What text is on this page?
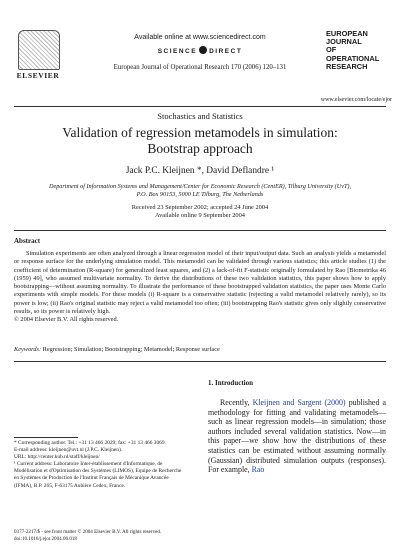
ELSEVIER
Available online at www.sciencedirect.com
SCIENCE DIRECT
European Journal of Operational Research 170 (2006) 120–131
EUROPEAN
JOURNAL
OF OPERATIONAL
RESEARCH
www.elsevier.com/locate/ejor
Stochastics and Statistics
Validation of regression metamodels in simulation:
Bootstrap approach
Jack P.C. Kleijnen *, David Deflandre ¹
Department of Information Systems and Management/Center for Economic Research (CentER), Tilburg University (UvT),
P.O. Box 90153, 5000 LE Tilburg, The Netherlands
Received 23 September 2002; accepted 24 June 2004
Available online 9 September 2004
Abstract
Simulation experiments are often analyzed through a linear regression model of their input/output data. Such an analysis yields a metamodel or response surface for the underlying simulation model. This metamodel can be validated through various statistics; this article studies (1) the coefficient of determination (R-square) for generalized least squares, and (2) a lack-of-fit F-statistic originally formulated by Rao [Biometrika 46 (1959) 49], who assumed multivariate normality. To derive the distributions of these two validation statistics, this paper shows how to apply bootstrapping—without assuming normality. To illustrate the performance of these bootstrapped validation statistics, the paper uses Monte Carlo experiments with simple models. For these models (i) R-square is a conservative statistic (rejecting a valid metamodel relatively rarely), so its power is low; (ii) Rao's original statistic may reject a valid metamodel too often; (iii) bootstrapping Rao's statistic gives only slightly conservative results, so its power is relatively high.
© 2004 Elsevier B.V. All rights reserved.
Keywords: Regression; Simulation; Bootstrapping; Metamodel; Response surface
1. Introduction
Recently, Kleijnen and Sargent (2000) published a methodology for fitting and validating metamodels—such as linear regression models—in simulation; those authors included several validation statistics. Now—in this paper—we show how the distributions of these statistics can be estimated without assuming normally (Gaussian) distributed simulation outputs (responses). For example, Rao

* Corresponding author. Tel.: +31 13 466 2029; fax: +31 13 466 3069.

E-mail address: kleijnen@uvt.nl (J.P.C. Kleijnen).

URL: http://center.kub.nl/staff/kleijnen/

¹ Current address: Laboratoire Inter-établissement d'Informatique, de Modélisation et d'Optimisation des Systèmes (LIMOS), Equipe de Recherche en Systèmes de Production de l'Institut Français de Mécanique Avancée (IFMA), B.P. 265, F-63175 Aubière Cedex, France.

0377-2217/$ - see front matter © 2004 Elsevier B.V. All rights reserved.
doi:10.1016/j.ejor.2004.06.018
